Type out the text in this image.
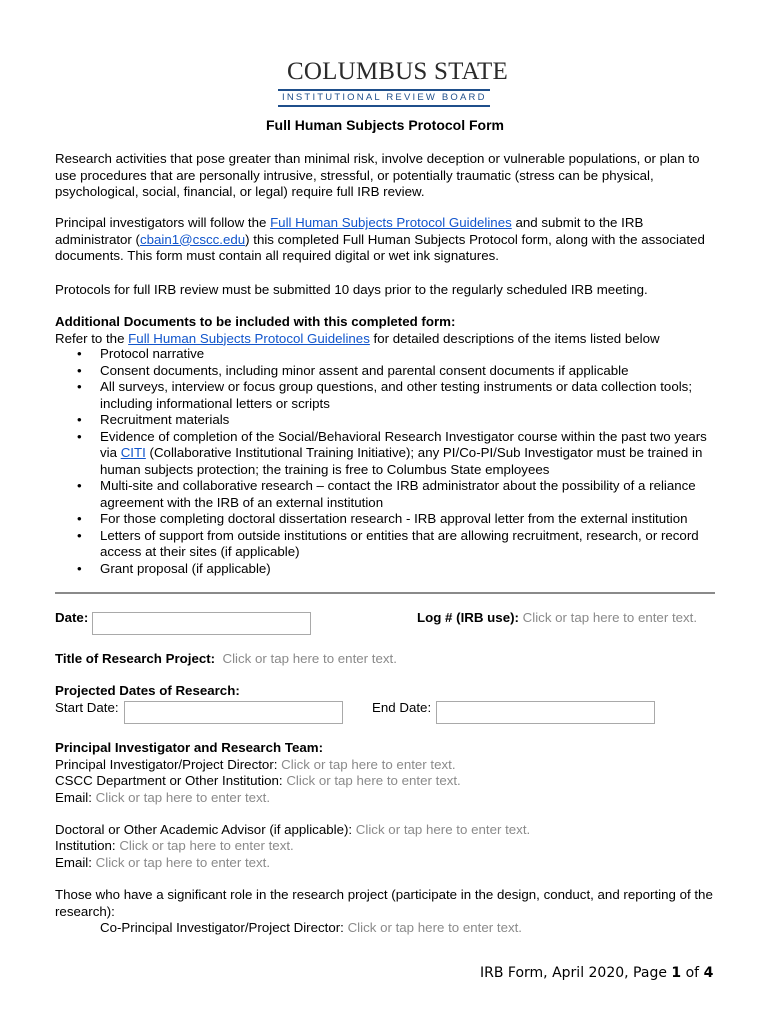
COLUMBUS STATE
INSTITUTIONAL REVIEW BOARD
Full Human Subjects Protocol Form

Research activities that pose greater than minimal risk, involve deception or vulnerable populations, or plan to use procedures that are personally intrusive, stressful, or potentially traumatic (stress can be physical, psychological, social, financial, or legal) require full IRB review.

Principal investigators will follow the Full Human Subjects Protocol Guidelines and submit to the IRB administrator (cbain1@cscc.edu) this completed Full Human Subjects Protocol form, along with the associated documents. This form must contain all required digital or wet ink signatures.

Protocols for full IRB review must be submitted 10 days prior to the regularly scheduled IRB meeting.

Additional Documents to be included with this completed form:
Refer to the Full Human Subjects Protocol Guidelines for detailed descriptions of the items listed below

• Protocol narrative
• Consent documents, including minor assent and parental consent documents if applicable
• All surveys, interview or focus group questions, and other testing instruments or data collection tools; including informational letters or scripts
• Recruitment materials
• Evidence of completion of the Social/Behavioral Research Investigator course within the past two years via CITI (Collaborative Institutional Training Initiative); any PI/Co-PI/Sub Investigator must be trained in human subjects protection; the training is free to Columbus State employees
• Multi-site and collaborative research – contact the IRB administrator about the possibility of a reliance agreement with the IRB of an external institution
• For those completing doctoral dissertation research - IRB approval letter from the external institution
• Letters of support from outside institutions or entities that are allowing recruitment, research, or record access at their sites (if applicable)
• Grant proposal (if applicable)
Date:	Log # (IRB use): Click or tap here to enter text.
Title of Research Project: Click or tap here to enter text.
Projected Dates of Research:
Start Date:	End Date:
Principal Investigator and Research Team:
Principal Investigator/Project Director: Click or tap here to enter text.
CSCC Department or Other Institution: Click or tap here to enter text.
Email: Click or tap here to enter text.
Doctoral or Other Academic Advisor (if applicable): Click or tap here to enter text.
Institution: Click or tap here to enter text.
Email: Click or tap here to enter text.

Those who have a significant role in the research project (participate in the design, conduct, and reporting of the research):

Co-Principal Investigator/Project Director: Click or tap here to enter text.
IRB Form, April 2020, Page 1 of 4
